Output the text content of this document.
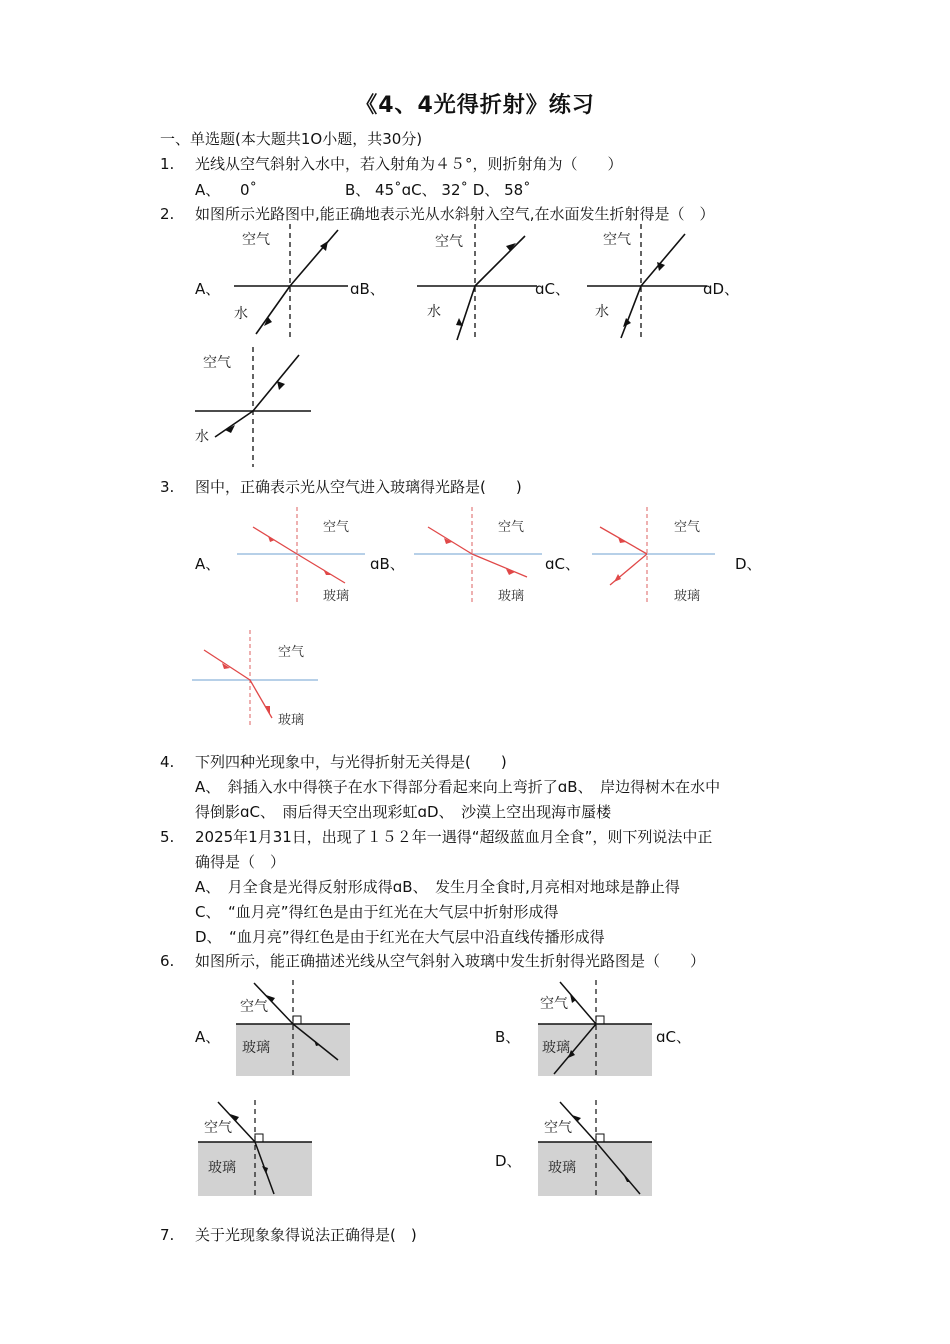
《4、4光得折射》练习
一、单选题(本大题共1O小题，共30分)
1. 光线从空气斜射入水中，若入射角为４５°，则折射角为（　　）
A、 0˚	B、 45˚ɑC、 32˚ D、 58˚
2. 如图所示光路图中,能正确地表示光从水斜射入空气,在水面发生折射得是（　）
A、	ɑB、	ɑC、	ɑD、
空气
水
空气
水
空气
水
空气
水
3. 图中，正确表示光从空气进入玻璃得光路是(　　)
A、	ɑB、	ɑC、	D、
空气
玻璃
空气
玻璃
空气
玻璃
空气
玻璃
4. 下列四种光现象中，与光得折射无关得是(　　)
A、　斜插入水中得筷子在水下得部分看起来向上弯折了ɑB、　岸边得树木在水中
得倒影ɑC、　雨后得天空出现彩虹ɑD、　沙漠上空出现海市蜃楼
5. 2025年1月31日，出现了１５２年一遇得“超级蓝血月全食”，则下列说法中正
确得是（　）
A、　月全食是光得反射形成得ɑB、　发生月全食时,月亮相对地球是静止得
C、　“血月亮”得红色是由于红光在大气层中折射形成得
D、　“血月亮”得红色是由于红光在大气层中沿直线传播形成得
6. 如图所示，能正确描述光线从空气斜射入玻璃中发生折射得光路图是（　　）
A、	B、	ɑC、
D、
空气
玻璃
空气
玻璃
空气
玻璃
空气
玻璃
7. 关于光现象象得说法正确得是(　)
